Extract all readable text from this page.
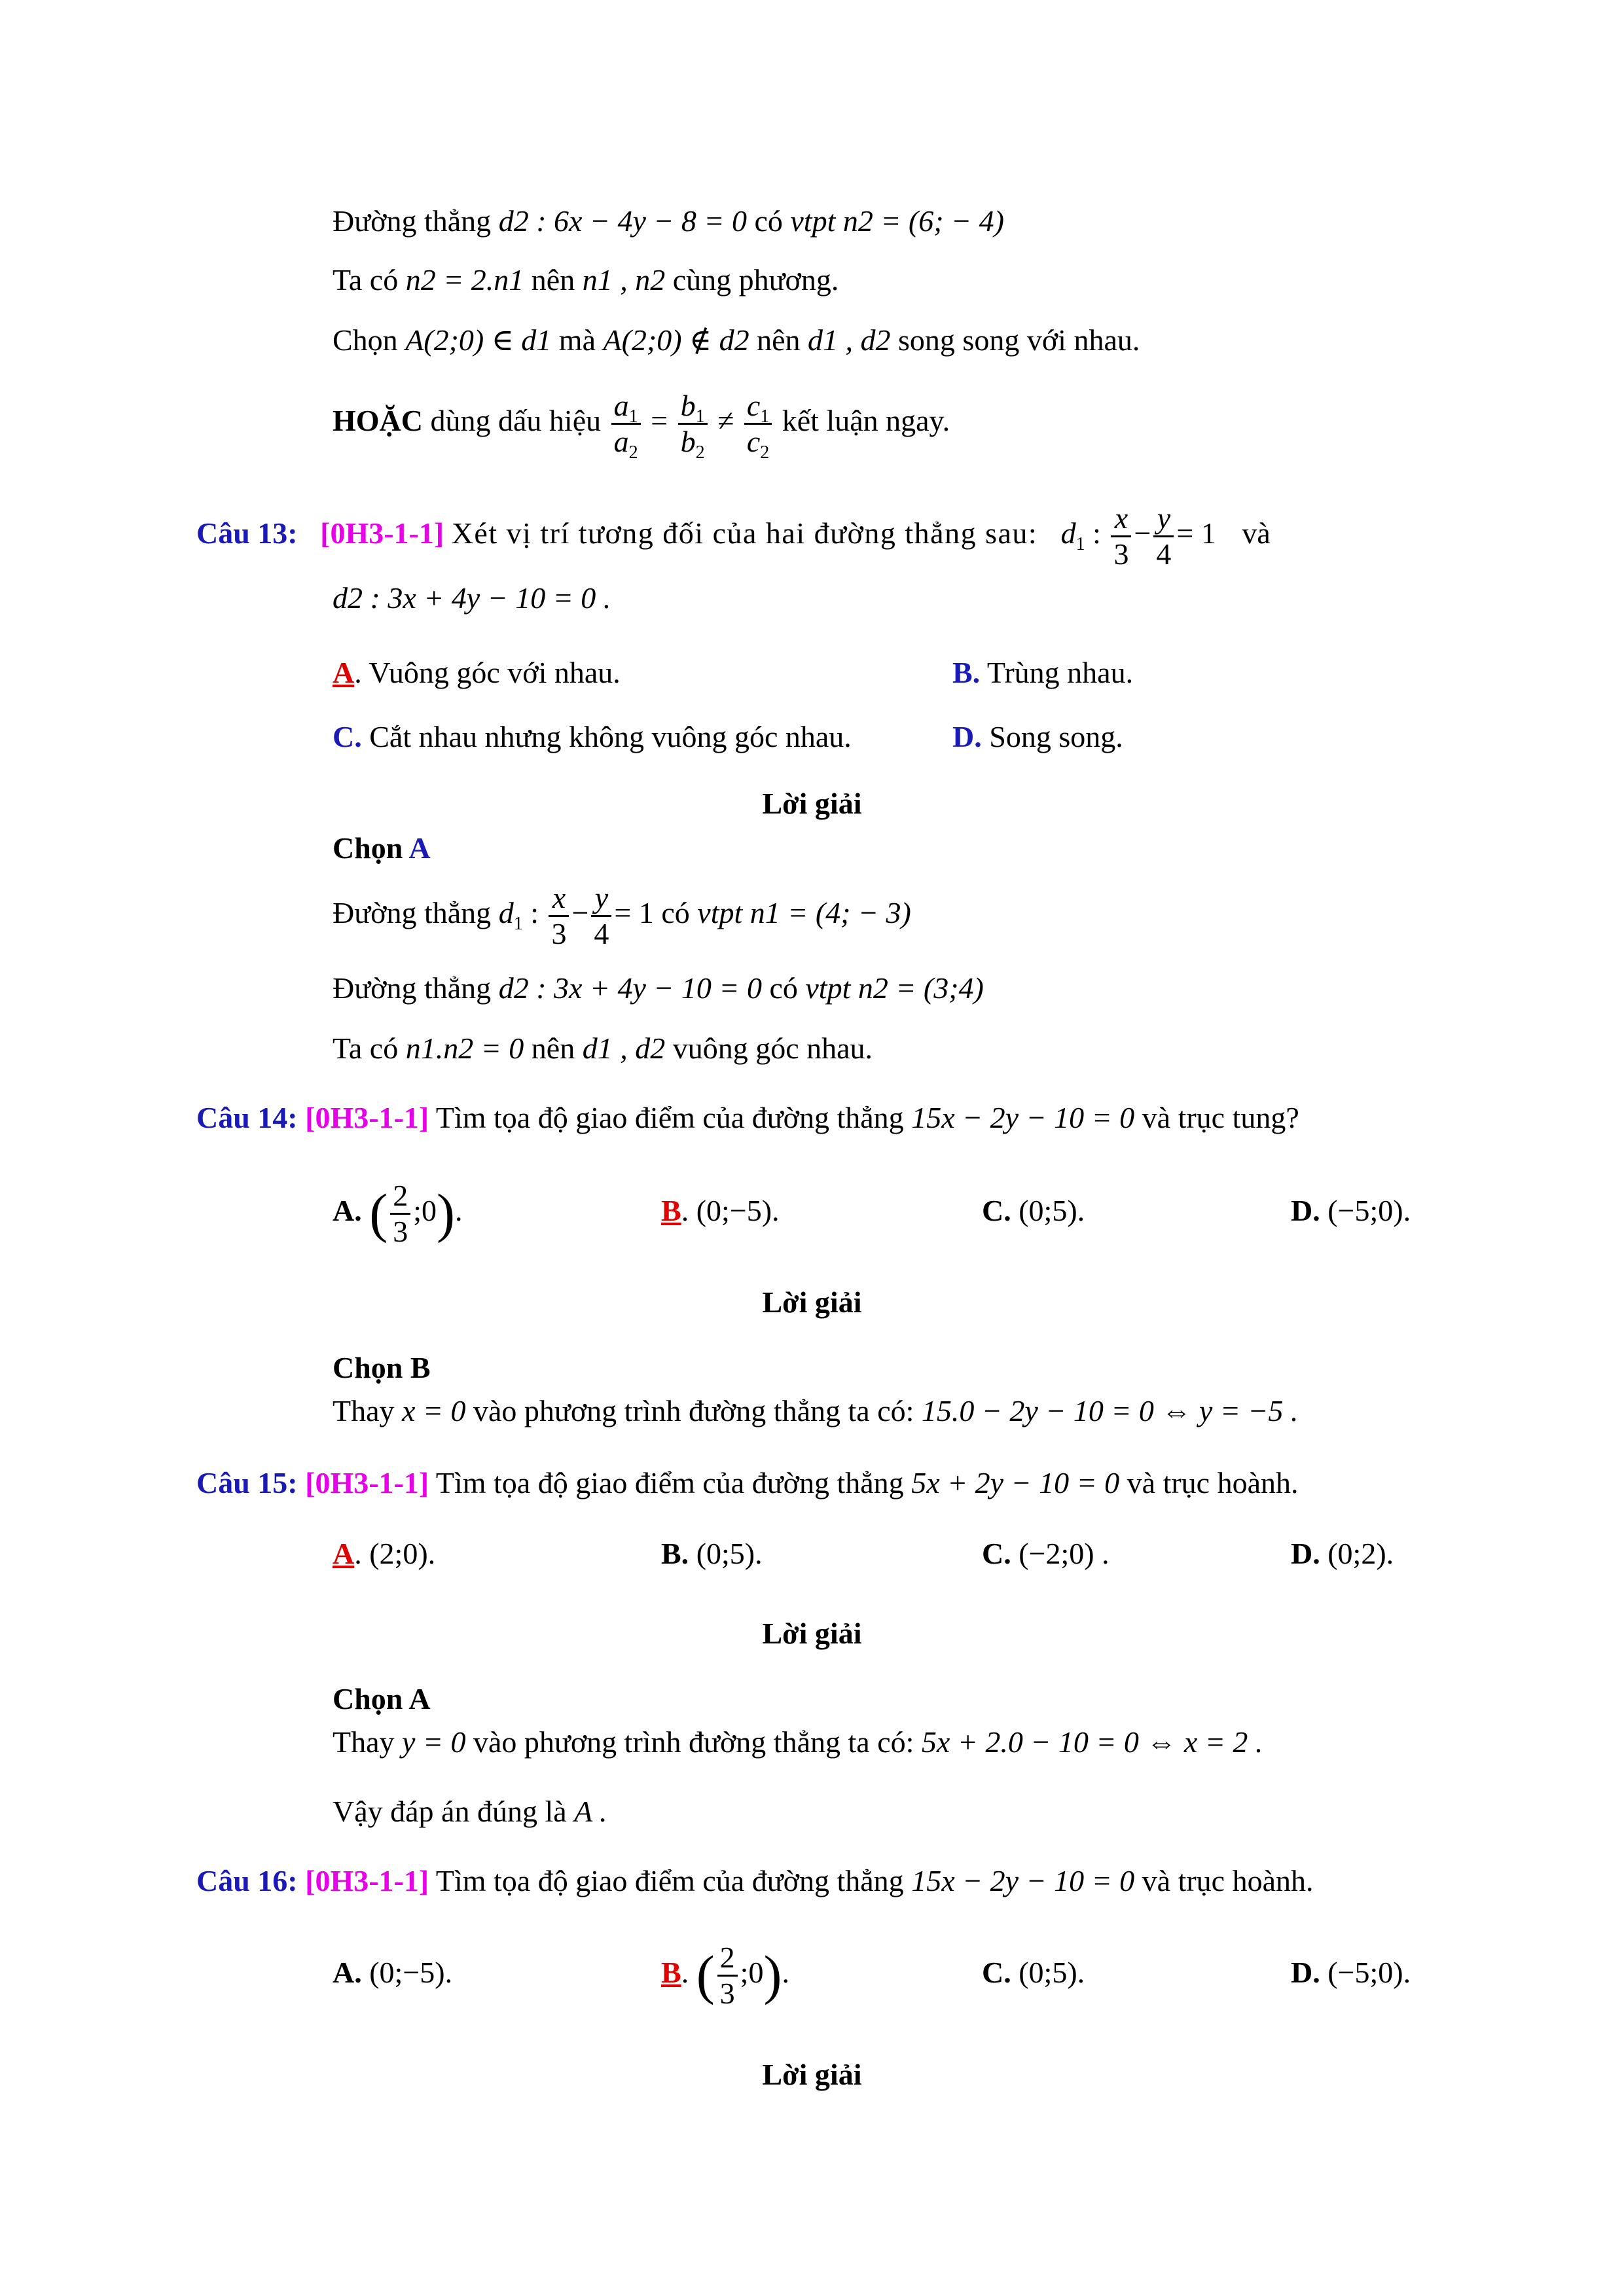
Đường thẳng d2 : 6x − 4y − 8 = 0 có vtpt n2 = (6; − 4)
Ta có n2 = 2.n1 nên n1 , n2 cùng phương.
Chọn A(2;0) ∈ d1 mà A(2;0) ∉ d2 nên d1 , d2 song song với nhau.
HOẶC dùng dấu hiệu $\frac{a_1}{a_2} = \frac{b_1}{b_2} \ne \frac{c_1}{c_2}$ kết luận ngay.
Câu 13: [0H3-1-1] Xét vị trí tương đối của hai đường thẳng sau: $d_1$ : $\frac{x}{3} - \frac{y}{4} = 1$ và
d2 : 3x + 4y − 10 = 0 .
A. Vuông góc với nhau.	B. Trùng nhau.
C. Cắt nhau nhưng không vuông góc nhau.	D. Song song.
Lời giải
Chọn A
Đường thẳng $d_1$ : $\frac{x}{3} - \frac{y}{4} = 1$ có vtpt n1 = (4; − 3)
Đường thẳng d2 : 3x + 4y − 10 = 0 có vtpt n2 = (3;4)
Ta có n1.n2 = 0 nên d1 , d2 vuông góc nhau.
Câu 14: [0H3-1-1] Tìm tọa độ giao điểm của đường thẳng 15x − 2y − 10 = 0 và trục tung?
A. ( $\frac{2}{3}$ ;0).	B. (0;−5).	C. (0;5).	D. (−5;0).
Lời giải
Chọn B
Thay x = 0 vào phương trình đường thẳng ta có: 15.0 − 2y − 10 = 0 ⇔ y = −5 .
Câu 15: [0H3-1-1] Tìm tọa độ giao điểm của đường thẳng 5x + 2y − 10 = 0 và trục hoành.
A. (2;0).	B. (0;5).	C. (−2;0) .	D. (0;2).
Lời giải
Chọn A
Thay y = 0 vào phương trình đường thẳng ta có: 5x + 2.0 − 10 = 0 ⇔ x = 2 .
Vậy đáp án đúng là A .
Câu 16: [0H3-1-1] Tìm tọa độ giao điểm của đường thẳng 15x − 2y − 10 = 0 và trục hoành.
A. (0;−5).	B. ( $\frac{2}{3}$ ;0).	C. (0;5).	D. (−5;0).
Lời giải
